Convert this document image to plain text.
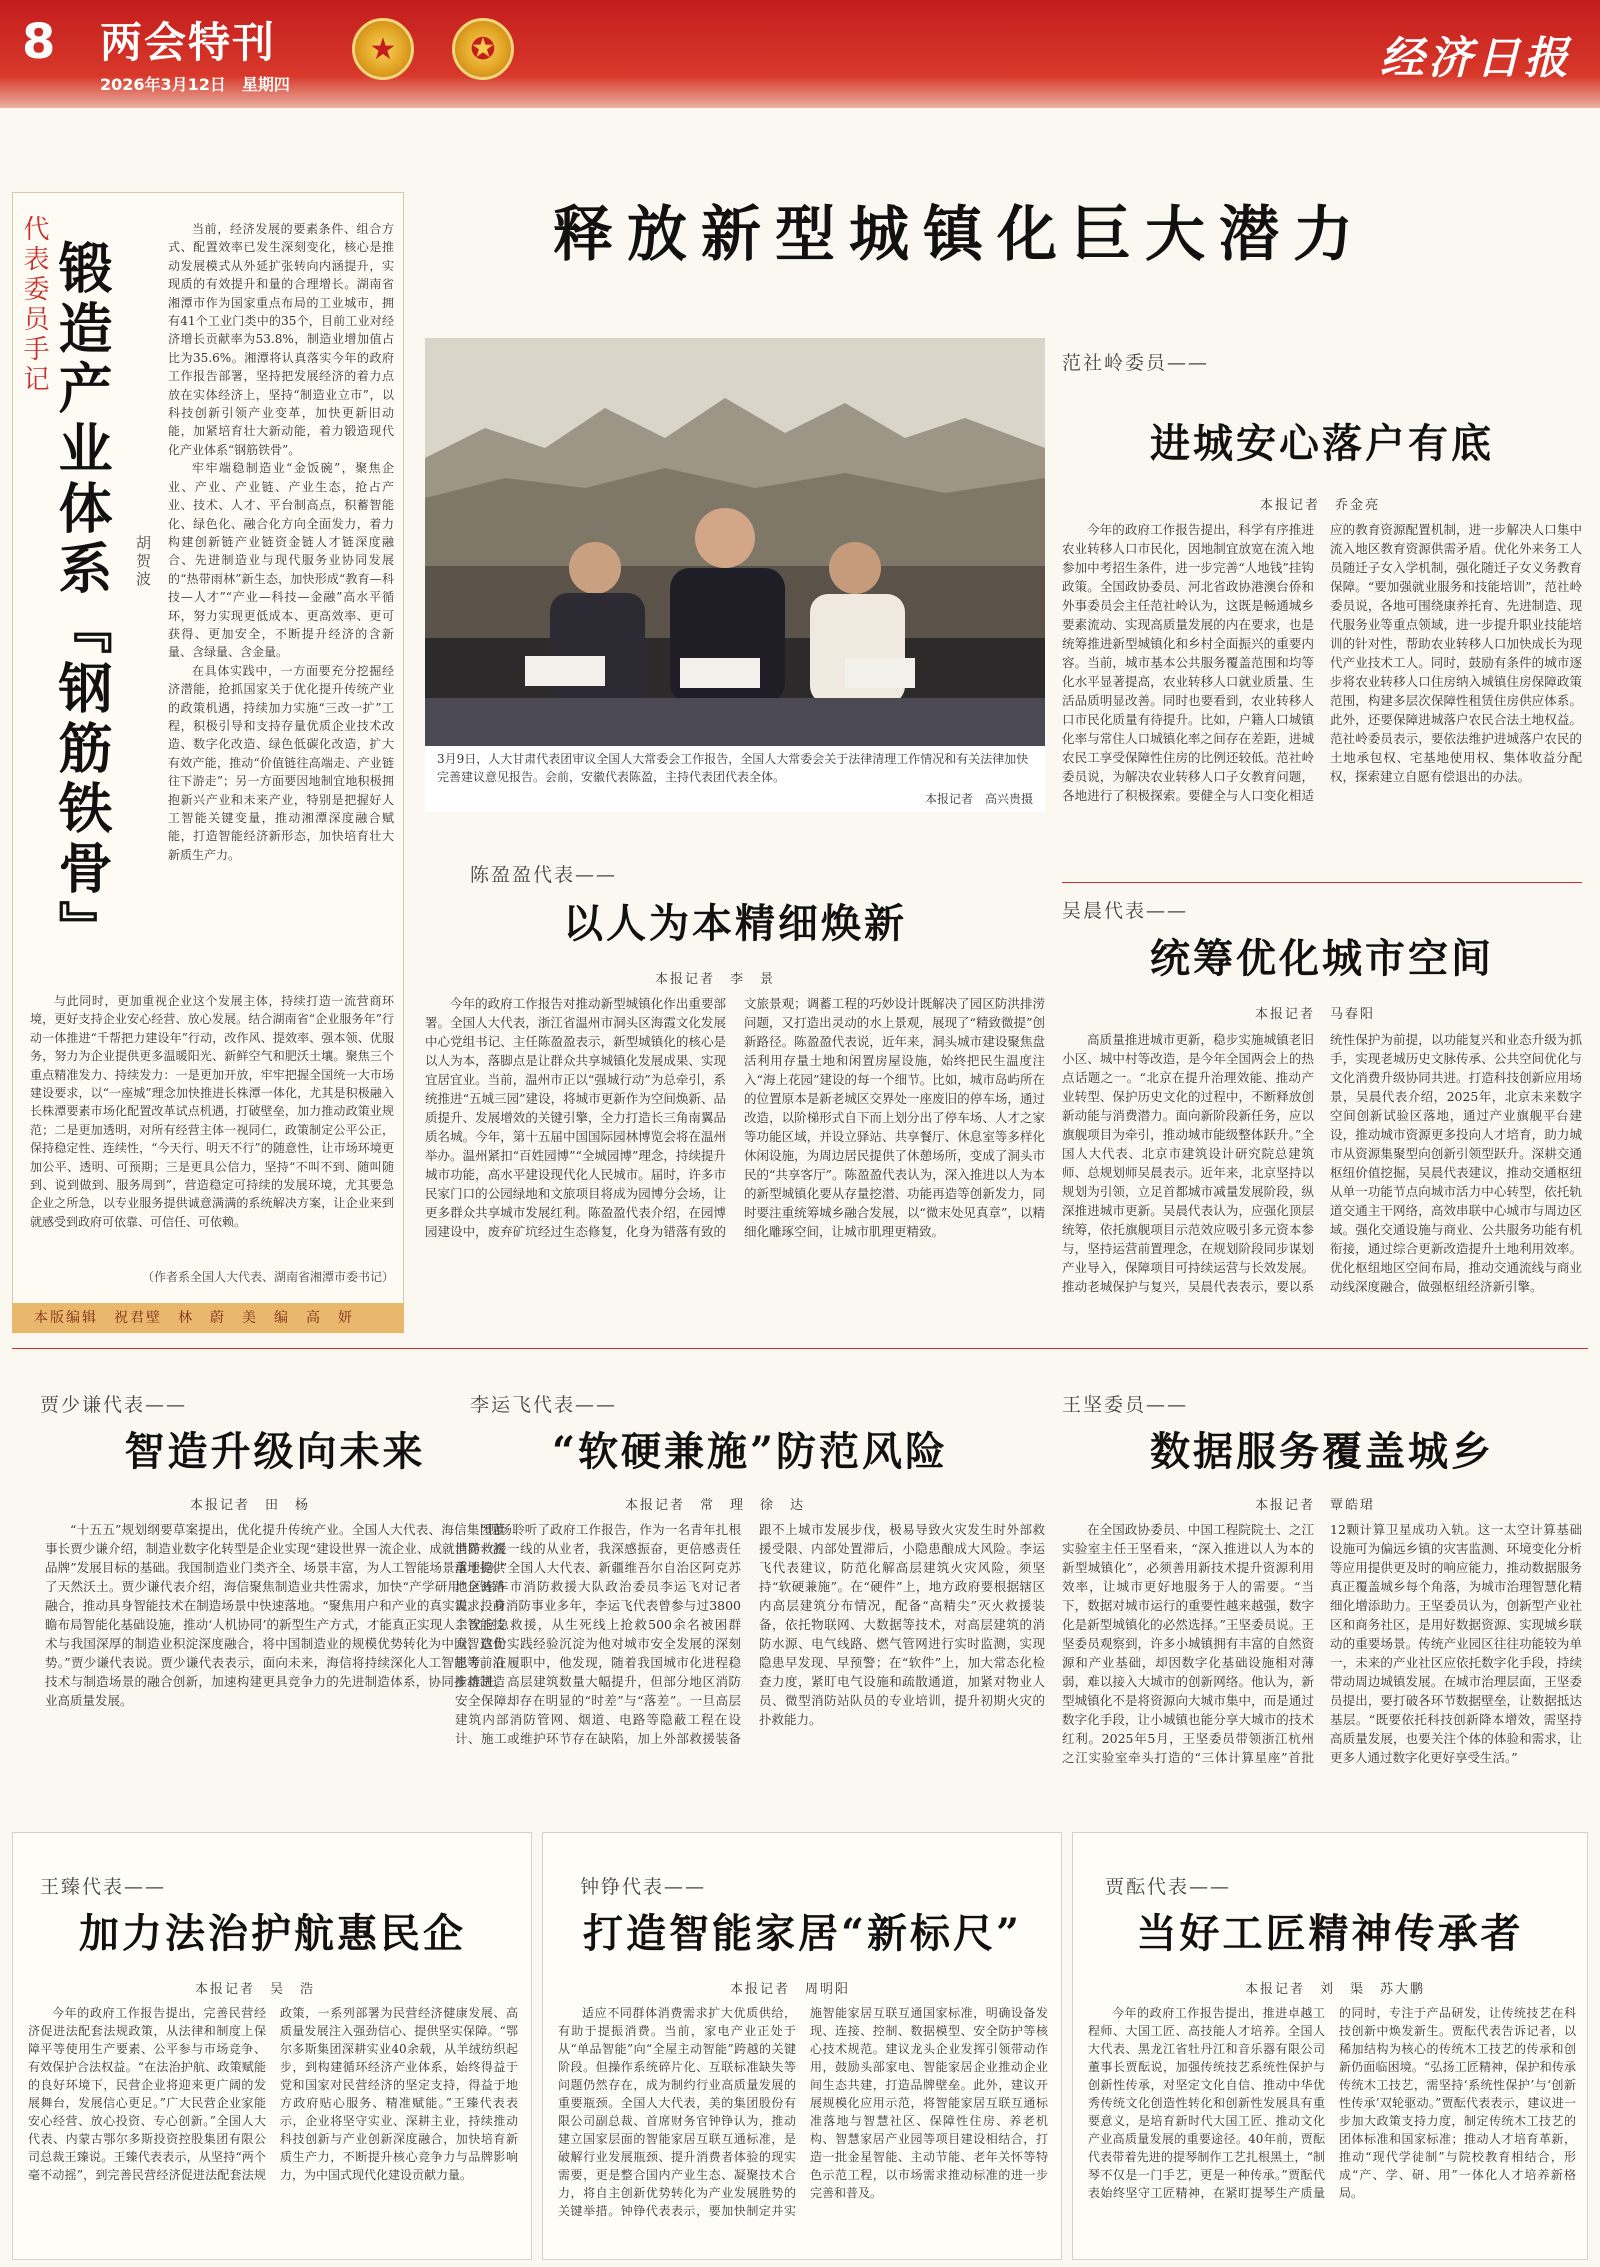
8 两会特刊
2026年3月12日　星期四
★	✪	经济日报
释放新型城镇化巨大潜力
代表委员手记 锻造产业体系『钢筋铁骨』 胡贺波

当前，经济发展的要素条件、组合方式、配置效率已发生深刻变化，核心是推动发展模式从外延扩张转向内涵提升，实现质的有效提升和量的合理增长。湖南省湘潭市作为国家重点布局的工业城市，拥有41个工业门类中的35个，目前工业对经济增长贡献率为53.8%，制造业增加值占比为35.6%。湘潭将认真落实今年的政府工作报告部署，坚持把发展经济的着力点放在实体经济上，坚持“制造业立市”，以科技创新引领产业变革，加快更新旧动能，加紧培育壮大新动能，着力锻造现代化产业体系“钢筋铁骨”。

牢牢端稳制造业“金饭碗”，聚焦企业、产业、产业链、产业生态，抢占产业、技术、人才、平台制高点，积蓄智能化、绿色化、融合化方向全面发力，着力构建创新链产业链资金链人才链深度融合、先进制造业与现代服务业协同发展的“热带雨林”新生态，加快形成“教育—科技—人才”“产业—科技—金融”高水平循环，努力实现更低成本、更高效率、更可获得、更加安全，不断提升经济的含新量、含绿量、含金量。

在具体实践中，一方面要充分挖掘经济潜能，抢抓国家关于优化提升传统产业的政策机遇，持续加力实施“三改一扩”工程，积极引导和支持存量优质企业技术改造、数字化改造、绿色低碳化改造，扩大有效产能，推动“价值链往高端走、产业链往下游走”；另一方面要因地制宜地积极拥抱新兴产业和未来产业，特别是把握好人工智能关键变量，推动湘潭深度融合赋能，打造智能经济新形态，加快培育壮大新质生产力。

与此同时，更加重视企业这个发展主体，持续打造一流营商环境，更好支持企业安心经营、放心发展。结合湖南省“企业服务年”行动一体推进“千帮把力建设年”行动，改作风、提效率、强本领、优服务，努力为企业提供更多温暖阳光、新鲜空气和肥沃土壤。聚焦三个重点精准发力、持续发力：一是更加开放，牢牢把握全国统一大市场建设要求，以“一座城”理念加快推进长株潭一体化，尤其是积极融入长株潭要素市场化配置改革试点机遇，打破壁垒，加力推动政策业规范；二是更加透明，对所有经营主体一视同仁，政策制定公平公正，保持稳定性、连续性，“今天行、明天不行”的随意性，让市场环境更加公平、透明、可预期；三是更具公信力，坚持“不叫不到、随叫随到、说到做到、服务周到”，营造稳定可持续的发展环境，尤其要急企业之所急，以专业服务提供诚意满满的系统解决方案，让企业来到就感受到政府可依靠、可信任、可依赖。

（作者系全国人大代表、湖南省湘潭市委书记）
本版编辑　祝君壁　林　蔚　美　编　高　妍
3月9日，人大甘肃代表团审议全国人大常委会工作报告，全国人大常委会关于法律清理工作情况和有关法律加快完善建议意见报告。会前，安徽代表陈盈，主持代表团代表全体。
本报记者　高兴贵摄
范社岭委员——
进城安心落户有底
本报记者　乔金亮

今年的政府工作报告提出，科学有序推进农业转移人口市民化，因地制宜放宽在流入地参加中考招生条件，进一步完善“人地钱”挂钩政策。全国政协委员、河北省政协港澳台侨和外事委员会主任范社岭认为，这既是畅通城乡要素流动、实现高质量发展的内在要求，也是统筹推进新型城镇化和乡村全面振兴的重要内容。当前，城市基本公共服务覆盖范围和均等化水平显著提高，农业转移人口就业质量、生活品质明显改善。同时也要看到，农业转移人口市民化质量有待提升。比如，户籍人口城镇化率与常住人口城镇化率之间存在差距，进城农民工享受保障性住房的比例还较低。范社岭委员说，为解决农业转移人口子女教育问题，各地进行了积极探索。要健全与人口变化相适应的教育资源配置机制，进一步解决人口集中流入地区教育资源供需矛盾。优化外来务工人员随迁子女入学机制，强化随迁子女义务教育保障。“要加强就业服务和技能培训”，范社岭委员说，各地可围绕康养托育、先进制造、现代服务业等重点领域，进一步提升职业技能培训的针对性，帮助农业转移人口加快成长为现代产业技术工人。同时，鼓励有条件的城市逐步将农业转移人口住房纳入城镇住房保障政策范围，构建多层次保障性租赁住房供应体系。此外，还要保障进城落户农民合法土地权益。范社岭委员表示，要依法维护进城落户农民的土地承包权、宅基地使用权、集体收益分配权，探索建立自愿有偿退出的办法。

陈盈盈代表——
以人为本精细焕新
本报记者　李　景

今年的政府工作报告对推动新型城镇化作出重要部署。全国人大代表，浙江省温州市洞头区海霞文化发展中心党组书记、主任陈盈盈表示，新型城镇化的核心是以人为本，落脚点是让群众共享城镇化发展成果、实现宜居宜业。当前，温州市正以“强城行动”为总牵引，系统推进“五城三园”建设，将城市更新作为空间焕新、品质提升、发展增效的关键引擎，全力打造长三角南翼品质名城。今年，第十五届中国国际园林博览会将在温州举办。温州紧扣“百姓园博”“全城园博”理念，持续提升城市功能，高水平建设现代化人民城市。届时，许多市民家门口的公园绿地和文旅项目将成为园博分会场，让更多群众共享城市发展红利。陈盈盈代表介绍，在园博园建设中，废弃矿坑经过生态修复，化身为错落有致的文旅景观；调蓄工程的巧妙设计既解决了园区防洪排涝问题，又打造出灵动的水上景观，展现了“精致微提”创新路径。陈盈盈代表说，近年来，洞头城市建设聚焦盘活利用存量土地和闲置房屋设施，始终把民生温度注入“海上花园”建设的每一个细节。比如，城市岛屿所在的位置原本是新老城区交界处一座废旧的停车场，通过改造，以阶梯形式自下而上划分出了停车场、人才之家等功能区域，并设立驿站、共享餐厅、休息室等多样化休闲设施，为周边居民提供了休憩场所，变成了洞头市民的“共享客厅”。陈盈盈代表认为，深入推进以人为本的新型城镇化要从存量挖潜、功能再造等创新发力，同时要注重统筹城乡融合发展，以“微末处见真章”，以精细化雕琢空间，让城市肌理更精致。

吴晨代表——
统筹优化城市空间
本报记者　马春阳

高质量推进城市更新，稳步实施城镇老旧小区、城中村等改造，是今年全国两会上的热点话题之一。“北京在提升治理效能、推动产业转型、保护历史文化的过程中，不断释放创新动能与消费潜力。面向新阶段新任务，应以旗舰项目为牵引，推动城市能级整体跃升。”全国人大代表、北京市建筑设计研究院总建筑师、总规划师吴晨表示。近年来，北京坚持以规划为引领，立足首都城市减量发展阶段，纵深推进城市更新。吴晨代表认为，应强化顶层统筹，依托旗舰项目示范效应吸引多元资本参与，坚持运营前置理念，在规划阶段同步谋划产业导入，保障项目可持续运营与长效发展。推动老城保护与复兴，吴晨代表表示，要以系统性保护为前提，以功能复兴和业态升级为抓手，实现老城历史文脉传承、公共空间优化与文化消费升级协同共进。打造科技创新应用场景，吴晨代表介绍，2025年，北京未来数字空间创新试验区落地，通过产业旗舰平台建设，推动城市资源更多投向人才培育，助力城市从资源集聚型向创新引领型跃升。深耕交通枢纽价值挖掘，吴晨代表建议，推动交通枢纽从单一功能节点向城市活力中心转型，依托轨道交通主干网络，高效串联中心城市与周边区域。强化交通设施与商业、公共服务功能有机衔接，通过综合更新改造提升土地利用效率。优化枢纽地区空间布局，推动交通流线与商业动线深度融合，做强枢纽经济新引擎。

贾少谦代表——
智造升级向未来
本报记者　田　杨

“十五五”规划纲要草案提出，优化提升传统产业。全国人大代表、海信集团董事长贾少谦介绍，制造业数字化转型是企业实现“建设世界一流企业、成就世界一流品牌”发展目标的基础。我国制造业门类齐全、场景丰富，为人工智能场景落地提供了天然沃土。贾少谦代表介绍，海信聚焦制造业共性需求，加快“产学研用”全链路融合，推动具身智能技术在制造场景中快速落地。“聚焦用户和产业的真实需求，前瞻布局智能化基础设施，推动‘人机协同’的新型生产方式，才能真正实现人工智能技术与我国深厚的制造业积淀深度融合，将中国制造业的规模优势转化为中国智造优势。”贾少谦代表说。贾少谦代表表示，面向未来，海信将持续深化人工智能等前沿技术与制造场景的融合创新，加速构建更具竞争力的先进制造体系，协同推动制造业高质量发展。

李运飞代表——
“软硬兼施”防范风险
本报记者　常　理　徐　达

“现场聆听了政府工作报告，作为一名青年扎根消防救援一线的从业者，我深感振奋，更倍感责任重于钧。”全国人大代表、新疆维吾尔自治区阿克苏地区库车市消防救援大队政治委员李运飞对记者说。投身消防事业多年，李运飞代表曾参与过3800余次应急救援，从生死线上抢救500余名被困群众，这份实践经验沉淀为他对城市安全发展的深刻思考。在履职中，他发现，随着我国城市化进程稳步推进，高层建筑数量大幅提升，但部分地区消防安全保障却存在明显的“时差”与“落差”。一旦高层建筑内部消防管网、烟道、电路等隐蔽工程在设计、施工或维护环节存在缺陷，加上外部救援装备跟不上城市发展步伐，极易导致火灾发生时外部救援受限、内部处置滞后，小隐患酿成大风险。李运飞代表建议，防范化解高层建筑火灾风险，须坚持“软硬兼施”。在“硬件”上，地方政府要根据辖区内高层建筑分布情况，配备“高精尖”灭火救援装备，依托物联网、大数据等技术，对高层建筑的消防水源、电气线路、燃气管网进行实时监测，实现隐患早发现、早预警；在“软件”上，加大常态化检查力度，紧盯电气设施和疏散通道，加紧对物业人员、微型消防站队员的专业培训，提升初期火灾的扑救能力。

王坚委员——
数据服务覆盖城乡
本报记者　覃皓珺

在全国政协委员、中国工程院院士、之江实验室主任王坚看来，“深入推进以人为本的新型城镇化”，必须善用新技术提升资源利用效率，让城市更好地服务于人的需要。“当下，数据对城市运行的重要性越来越强，数字化是新型城镇化的必然选择。”王坚委员说。王坚委员观察到，许多小城镇拥有丰富的自然资源和产业基础，却因数字化基础设施相对薄弱，难以接入大城市的创新网络。他认为，新型城镇化不是将资源向大城市集中，而是通过数字化手段，让小城镇也能分享大城市的技术红利。2025年5月，王坚委员带领浙江杭州之江实验室牵头打造的“三体计算星座”首批12颗计算卫星成功入轨。这一太空计算基础设施可为偏远乡镇的灾害监测、环境变化分析等应用提供更及时的响应能力，推动数据服务真正覆盖城乡每个角落，为城市治理智慧化精细化增添助力。王坚委员认为，创新型产业社区和商务社区，是用好数据资源、实现城乡联动的重要场景。传统产业园区往往功能较为单一，未来的产业社区应依托数字化手段，持续带动周边城镇发展。在城市治理层面，王坚委员提出，要打破各环节数据壁垒，让数据抵达基层。“既要依托科技创新降本增效，需坚持高质量发展，也要关注个体的体验和需求，让更多人通过数字化更好享受生活。”

王臻代表——
加力法治护航惠民企
本报记者　吴　浩

今年的政府工作报告提出，完善民营经济促进法配套法规政策，从法律和制度上保障平等使用生产要素、公平参与市场竞争、有效保护合法权益。“在法治护航、政策赋能的良好环境下，民营企业将迎来更广阔的发展舞台，发展信心更足。”广大民营企业家能安心经营、放心投资、专心创新。”全国人大代表、内蒙古鄂尔多斯投资控股集团有限公司总裁王臻说。王臻代表表示，从坚持“两个毫不动摇”，到完善民营经济促进法配套法规政策，一系列部署为民营经济健康发展、高质量发展注入强劲信心、提供坚实保障。“鄂尔多斯集团深耕实业40余载，从羊绒纺织起步，到构建循环经济产业体系，始终得益于党和国家对民营经济的坚定支持，得益于地方政府贴心服务、精准赋能。”王臻代表表示，企业将坚守实业、深耕主业，持续推动科技创新与产业创新深度融合，加快培育新质生产力，不断提升核心竞争力与品牌影响力，为中国式现代化建设贡献力量。

钟铮代表——
打造智能家居“新标尺”
本报记者　周明阳

适应不同群体消费需求扩大优质供给，有助于提振消费。当前，家电产业正处于从“单品智能”向“全屋主动智能”跨越的关键阶段。但操作系统碎片化、互联标准缺失等问题仍然存在，成为制约行业高质量发展的重要瓶颈。全国人大代表，美的集团股份有限公司副总裁、首席财务官钟铮认为，推动建立国家层面的智能家居互联互通标准，是破解行业发展瓶颈、提升消费者体验的现实需要，更是整合国内产业生态、凝聚技术合力，将自主创新优势转化为产业发展胜势的关键举措。钟铮代表表示，要加快制定并实施智能家居互联互通国家标准，明确设备发现、连接、控制、数据模型、安全防护等核心技术规范。建议龙头企业发挥引领带动作用，鼓励头部家电、智能家居企业推动企业间生态共建，打造品牌壁垒。此外，建议开展规模化应用示范，将智能家居互联互通标准落地与智慧社区、保障性住房、养老机构、智慧家居产业园等项目建设相结合，打造一批金星智能、主动节能、老年关怀等特色示范工程，以市场需求推动标准的进一步完善和普及。

贾酝代表——
当好工匠精神传承者
本报记者　刘　渠　苏大鹏

今年的政府工作报告提出，推进卓越工程师、大国工匠、高技能人才培养。全国人大代表、黑龙江省牡丹江和音乐器有限公司董事长贾酝说，加强传统技艺系统性保护与创新性传承，对坚定文化自信、推动中华优秀传统文化创造性转化和创新性发展具有重要意义，是培育新时代大国工匠、推动文化产业高质量发展的重要途径。40年前，贾酝代表带着先进的提琴制作工艺扎根黑土，“制琴不仅是一门手艺，更是一种传承。”贾酝代表始终坚守工匠精神，在紧盯提琴生产质量的同时，专注于产品研发，让传统技艺在科技创新中焕发新生。贾酝代表告诉记者，以稀加结构为核心的传统木工技艺的传承和创新仍面临困境。“弘扬工匠精神，保护和传承传统木工技艺，需坚持‘系统性保护’与‘创新性传承’双轮驱动。”贾酝代表表示，建议进一步加大政策支持力度，制定传统木工技艺的团体标准和国家标准；推动人才培育革新，推动“现代学徒制”与院校教育相结合，形成“产、学、研、用”一体化人才培养新格局。
